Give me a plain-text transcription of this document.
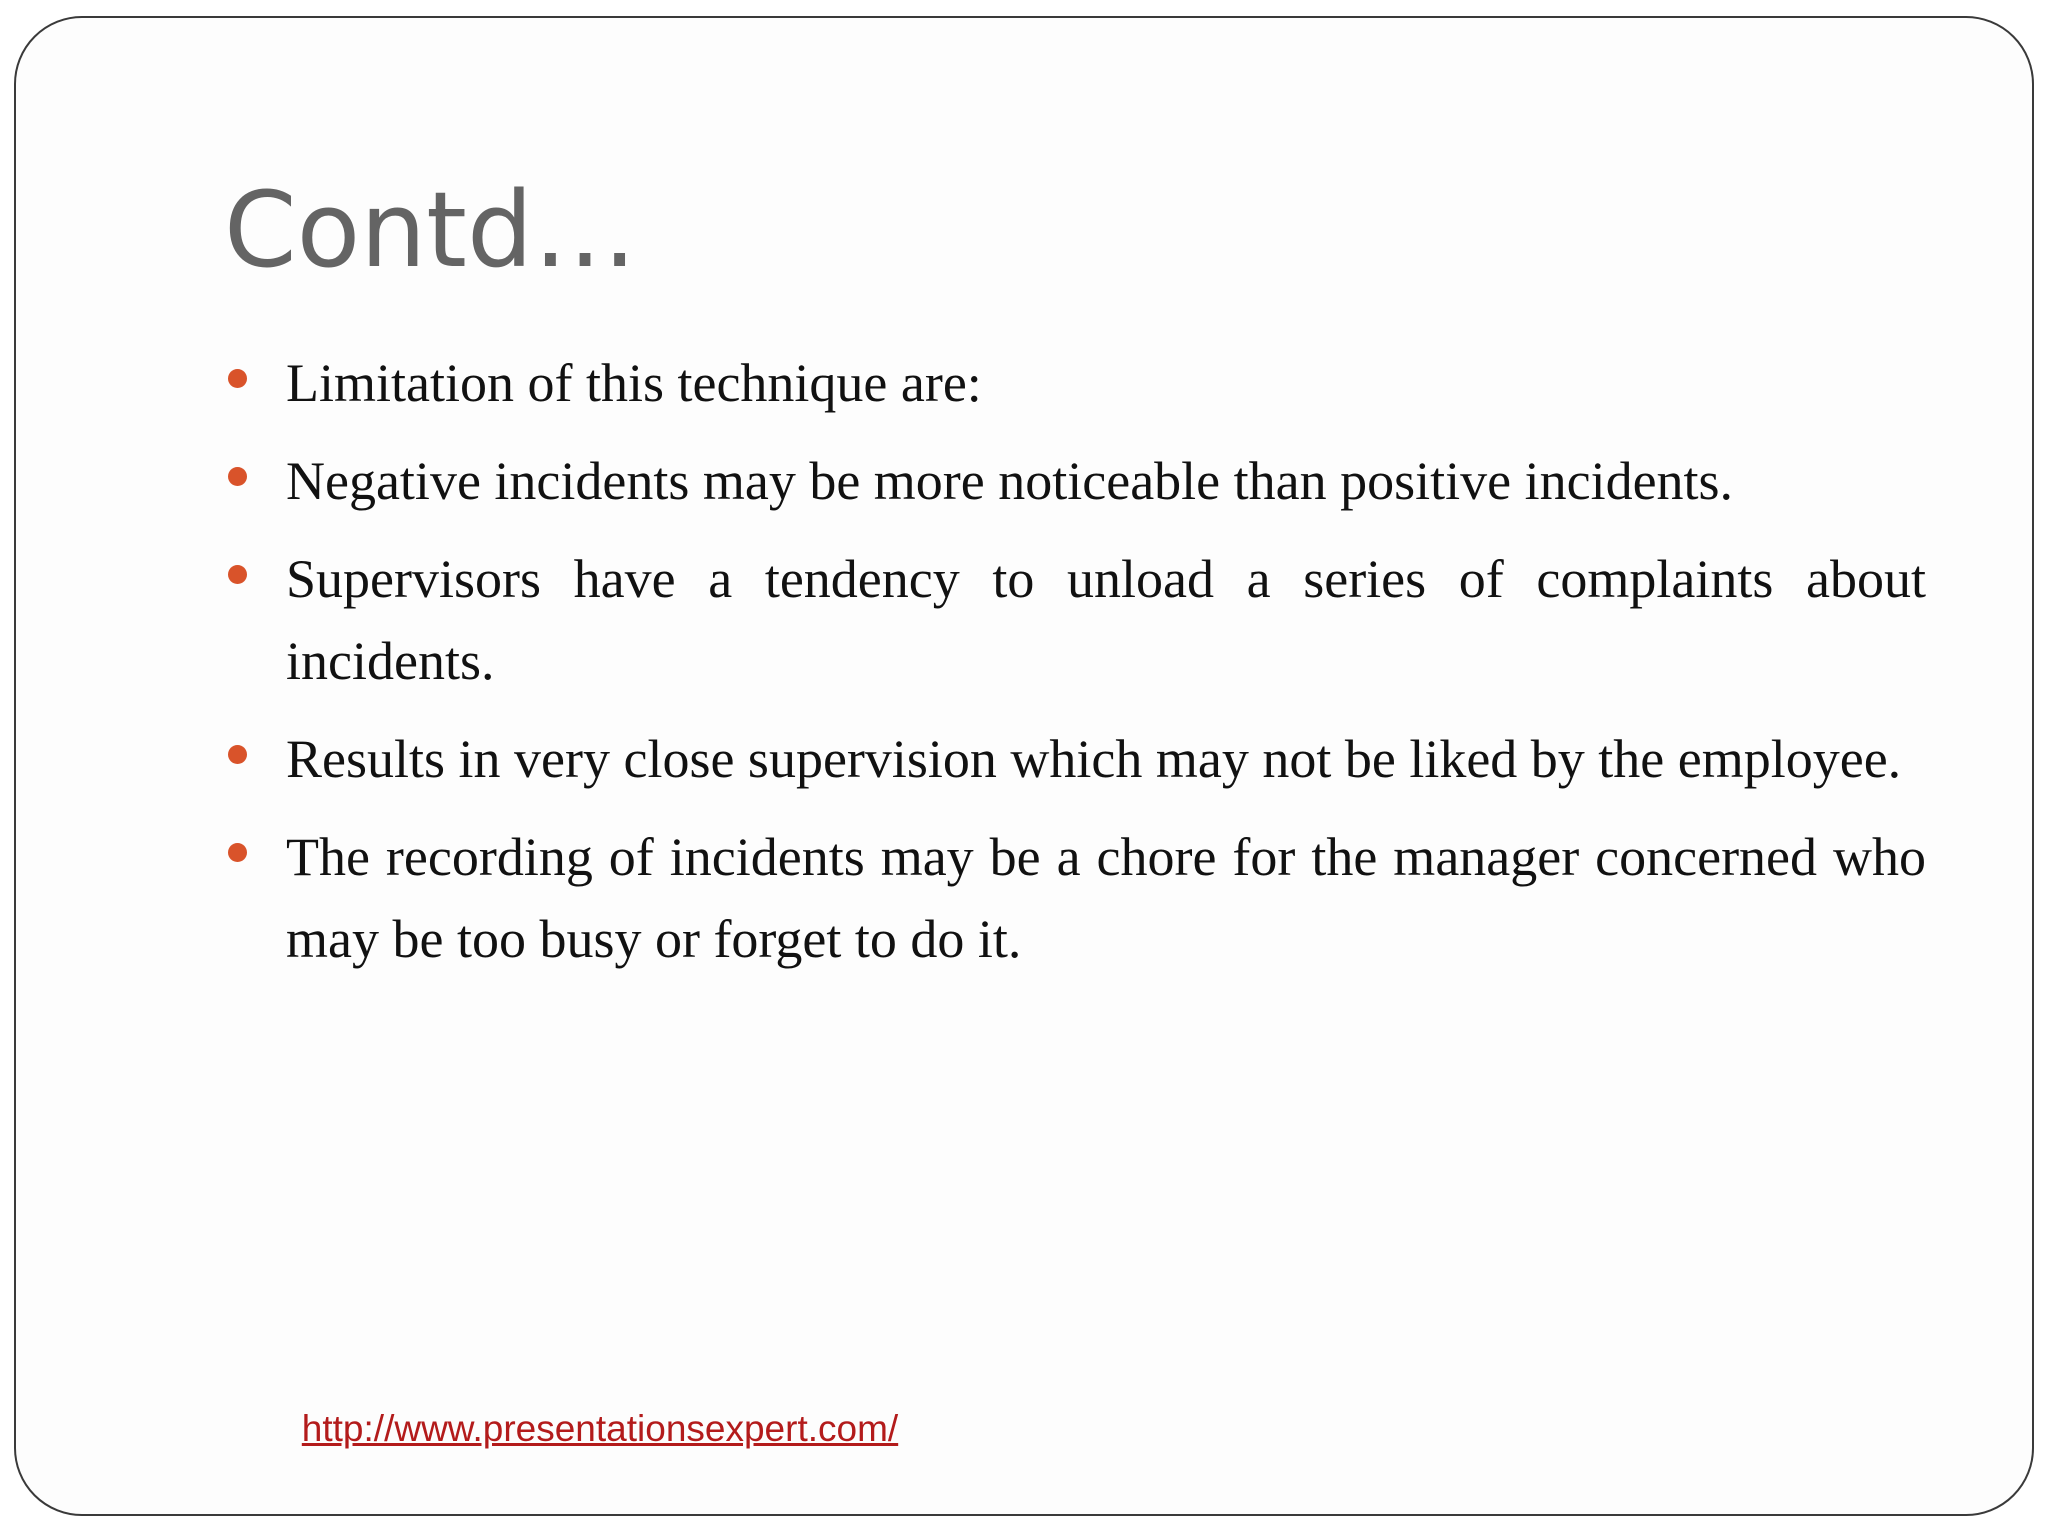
Contd…
Limitation of this technique are:
Negative incidents may be more noticeable than positive incidents.
Supervisors have a tendency to unload a series of complaints about incidents.
Results in very close supervision which may not be liked by the employee.
The recording of incidents may be a chore for the manager concerned who may be too busy or forget to do it.
http://www.presentationsexpert.com/
